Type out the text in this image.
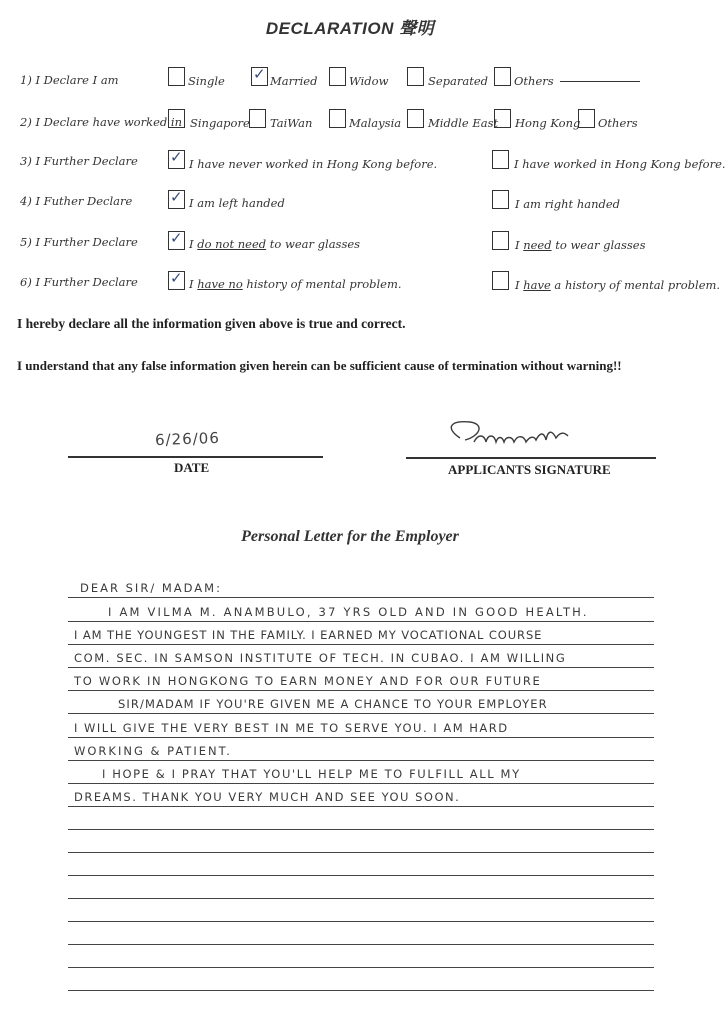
DECLARATION 聲明
1) I Declare I am	Single ✓ Married	Widow	Separated Others
2) I Declare have worked in Singapore TaiWan	Malaysia Middle East Hong Kong Others
3) I Further Declare ✓ I have never worked in Hong Kong before.	I have worked in Hong Kong before.
4) I Futher Declare	✓ I am left handed	I am right handed
5) I Further Declare ✓ I do not need to wear glasses	I need to wear glasses
6) I Further Declare ✓ I have no history of mental problem.	I have a history of mental problem.
I hereby declare all the information given above is true and correct.
I understand that any false information given herein can be sufficient cause of termination without warning!!
6/26/06
DATE	APPLICANTS SIGNATURE
Personal Letter for the Employer
DEAR SIR/ MADAM:
I AM VILMA M. ANAMBULO, 37 YRS OLD AND IN GOOD HEALTH.
I AM THE YOUNGEST IN THE FAMILY. I EARNED MY VOCATIONAL COURSE
COM. SEC. IN SAMSON INSTITUTE OF TECH. IN CUBAO. I AM WILLING
TO WORK IN HONGKONG TO EARN MONEY AND FOR OUR FUTURE
SIR/MADAM IF YOU'RE GIVEN ME A CHANCE TO YOUR EMPLOYER
I WILL GIVE THE VERY BEST IN ME TO SERVE YOU. I AM HARD
WORKING & PATIENT.
I HOPE & I PRAY THAT YOU'LL HELP ME TO FULFILL ALL MY
DREAMS. THANK YOU VERY MUCH AND SEE YOU SOON.
